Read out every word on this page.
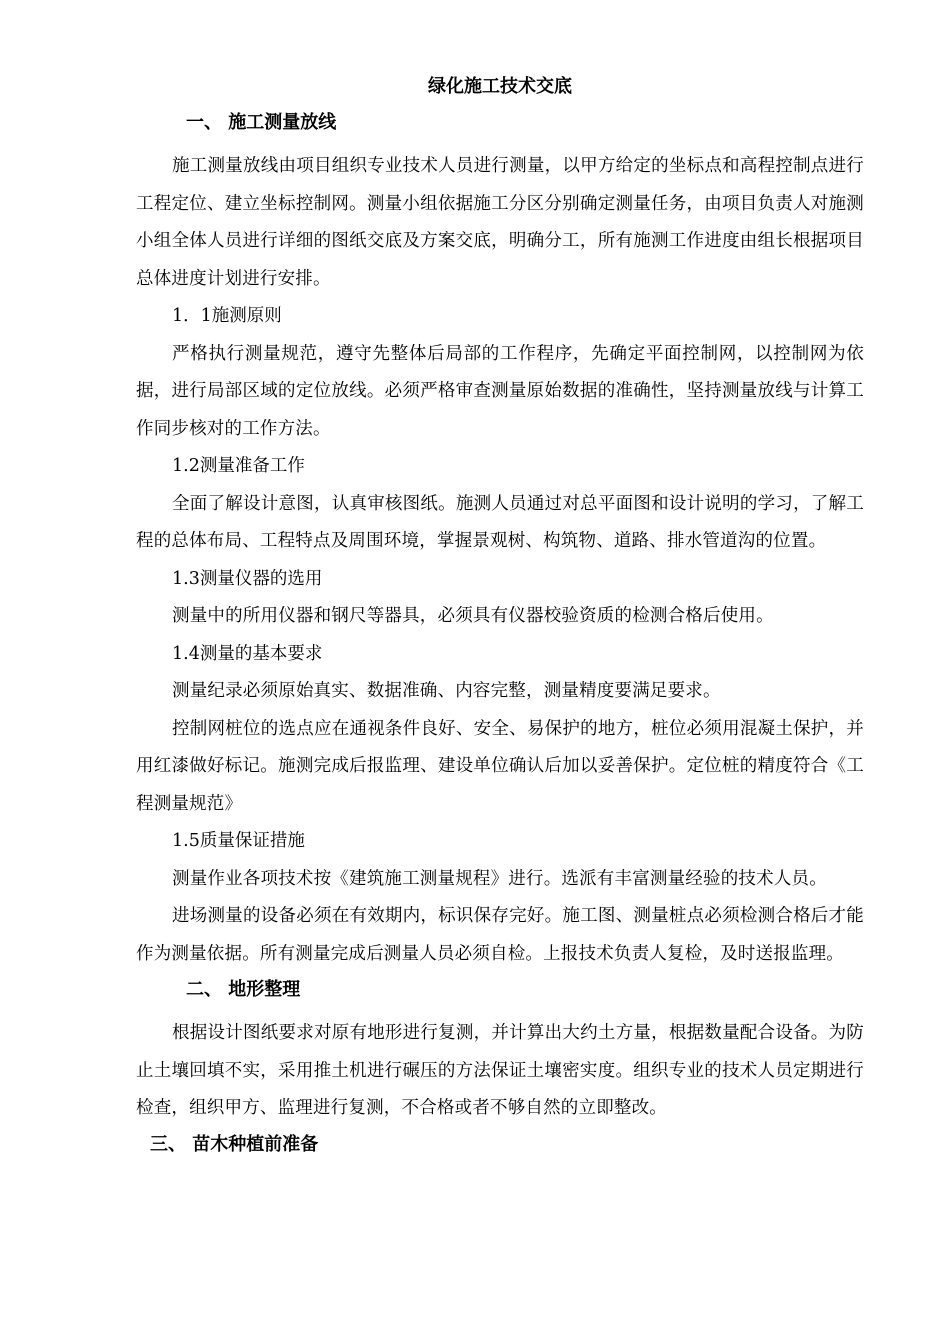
绿化施工技术交底
一、 施工测量放线

施工测量放线由项目组织专业技术人员进行测量，以甲方给定的坐标点和高程控制点进行工程定位、建立坐标控制网。测量小组依据施工分区分别确定测量任务，由项目负责人对施测小组全体人员进行详细的图纸交底及方案交底，明确分工，所有施测工作进度由组长根据项目总体进度计划进行安排。

1．1施测原则

严格执行测量规范，遵守先整体后局部的工作程序，先确定平面控制网，以控制网为依据，进行局部区域的定位放线。必须严格审查测量原始数据的准确性，坚持测量放线与计算工作同步核对的工作方法。

1.2测量准备工作

全面了解设计意图，认真审核图纸。施测人员通过对总平面图和设计说明的学习，了解工程的总体布局、工程特点及周围环境，掌握景观树、构筑物、道路、排水管道沟的位置。

1.3测量仪器的选用

测量中的所用仪器和钢尺等器具，必须具有仪器校验资质的检测合格后使用。

1.4测量的基本要求

测量纪录必须原始真实、数据准确、内容完整，测量精度要满足要求。

控制网桩位的选点应在通视条件良好、安全、易保护的地方，桩位必须用混凝土保护，并用红漆做好标记。施测完成后报监理、建设单位确认后加以妥善保护。定位桩的精度符合《工程测量规范》

1.5质量保证措施

测量作业各项技术按《建筑施工测量规程》进行。选派有丰富测量经验的技术人员。

进场测量的设备必须在有效期内，标识保存完好。施工图、测量桩点必须检测合格后才能作为测量依据。所有测量完成后测量人员必须自检。上报技术负责人复检，及时送报监理。

二、 地形整理

根据设计图纸要求对原有地形进行复测，并计算出大约土方量，根据数量配合设备。为防止土壤回填不实，采用推土机进行碾压的方法保证土壤密实度。组织专业的技术人员定期进行检查，组织甲方、监理进行复测，不合格或者不够自然的立即整改。

三、 苗木种植前准备
